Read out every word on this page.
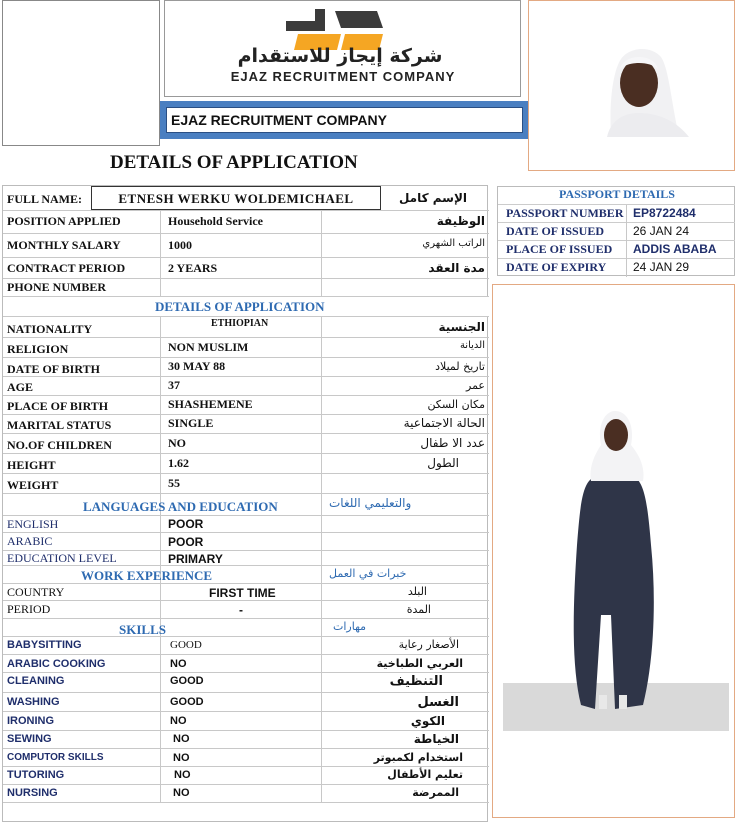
شركة إيجاز للاستقدام
EJAZ RECRUITMENT COMPANY
EJAZ RECRUITMENT COMPANY
DETAILS OF APPLICATION
PASSPORT DETAILS
PASSPORT NUMBER EP8722484
DATE OF ISSUED 26 JAN 24
PLACE OF ISSUED ADDIS ABABA
DATE OF EXPIRY 24 JAN 29
FULL NAME:	ETNESH WERKU WOLDEMICHAEL	الإسم كامل
POSITION APPLIED	Household Service	الوظيفة
MONTHLY SALARY	1000	الراتب الشهري
CONTRACT PERIOD	2 YEARS	مدة العقد
PHONE NUMBER
DETAILS OF APPLICATION
NATIONALITY	ETHIOPIAN	الجنسية
RELIGION	NON MUSLIM	الديانة
DATE OF BIRTH	30 MAY 88	تاريخ لميلاد
AGE	37	عمر
PLACE OF BIRTH	SHASHEMENE	مكان السكن
MARITAL STATUS	SINGLE	الحالة الاجتماعية
NO.OF CHILDREN	NO	عدد الا طفال
HEIGHT	1.62	الطول
WEIGHT	55
LANGUAGES AND EDUCATION	والتعليمي اللغات
ENGLISH	POOR
ARABIC	POOR
EDUCATION LEVEL	PRIMARY
WORK EXPERIENCE	خبرات في العمل
COUNTRY	FIRST TIME	البلد
PERIOD	-	المدة
SKILLS	مهارات
BABYSITTING	GOOD	الأصغار رعاية
ARABIC COOKING	NO	العربي الطباخية
CLEANING	GOOD	التنظيف
WASHING	GOOD	الغسل
IRONING	NO	الكوي
SEWING	NO	الخياطة
COMPUTOR SKILLS	NO	استخدام لكمبوتر
TUTORING	NO	تعليم الأطفال
NURSING	NO	الممرضة
